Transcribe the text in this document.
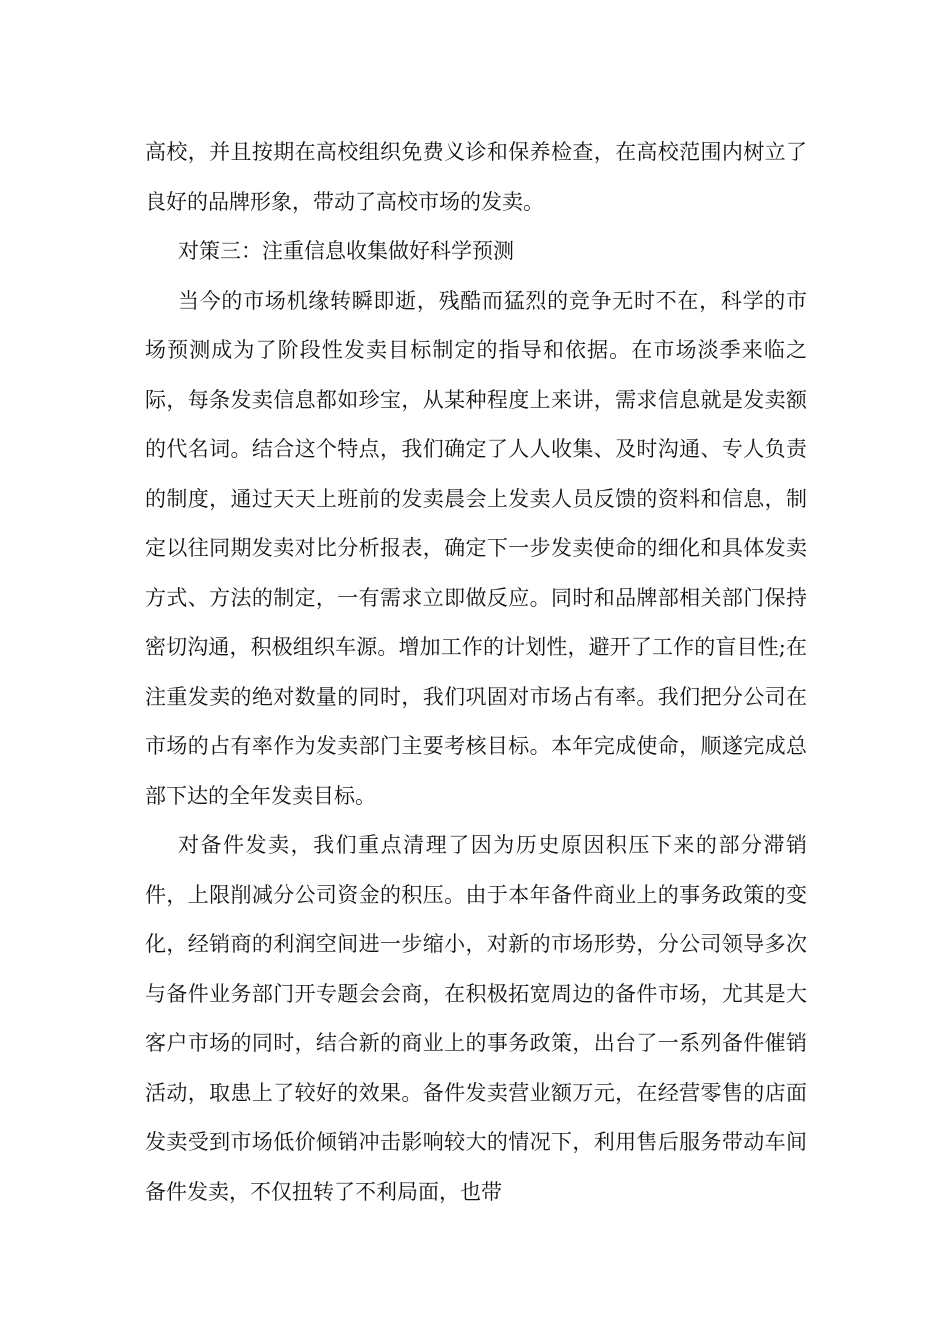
高校，并且按期在高校组织免费义诊和保养检查，在高校范围内树立了良好的品牌形象，带动了高校市场的发卖。

对策三：注重信息收集做好科学预测

当今的市场机缘转瞬即逝，残酷而猛烈的竞争无时不在，科学的市场预测成为了阶段性发卖目标制定的指导和依据。在市场淡季来临之际，每条发卖信息都如珍宝，从某种程度上来讲，需求信息就是发卖额的代名词。结合这个特点，我们确定了人人收集、及时沟通、专人负责的制度，通过天天上班前的发卖晨会上发卖人员反馈的资料和信息，制定以往同期发卖对比分析报表，确定下一步发卖使命的细化和具体发卖方式、方法的制定，一有需求立即做反应。同时和品牌部相关部门保持密切沟通，积极组织车源。增加工作的计划性，避开了工作的盲目性;在注重发卖的绝对数量的同时，我们巩固对市场占有率。我们把分公司在市场的占有率作为发卖部门主要考核目标。本年完成使命，顺遂完成总部下达的全年发卖目标。

对备件发卖，我们重点清理了因为历史原因积压下来的部分滞销件，上限削减分公司资金的积压。由于本年备件商业上的事务政策的变化，经销商的利润空间进一步缩小，对新的市场形势，分公司领导多次与备件业务部门开专题会会商，在积极拓宽周边的备件市场，尤其是大客户市场的同时，结合新的商业上的事务政策，出台了一系列备件催销活动，取患上了较好的效果。备件发卖营业额万元，在经营零售的店面发卖受到市场低价倾销冲击影响较大的情况下，利用售后服务带动车间备件发卖，不仅扭转了不利局面，也带
